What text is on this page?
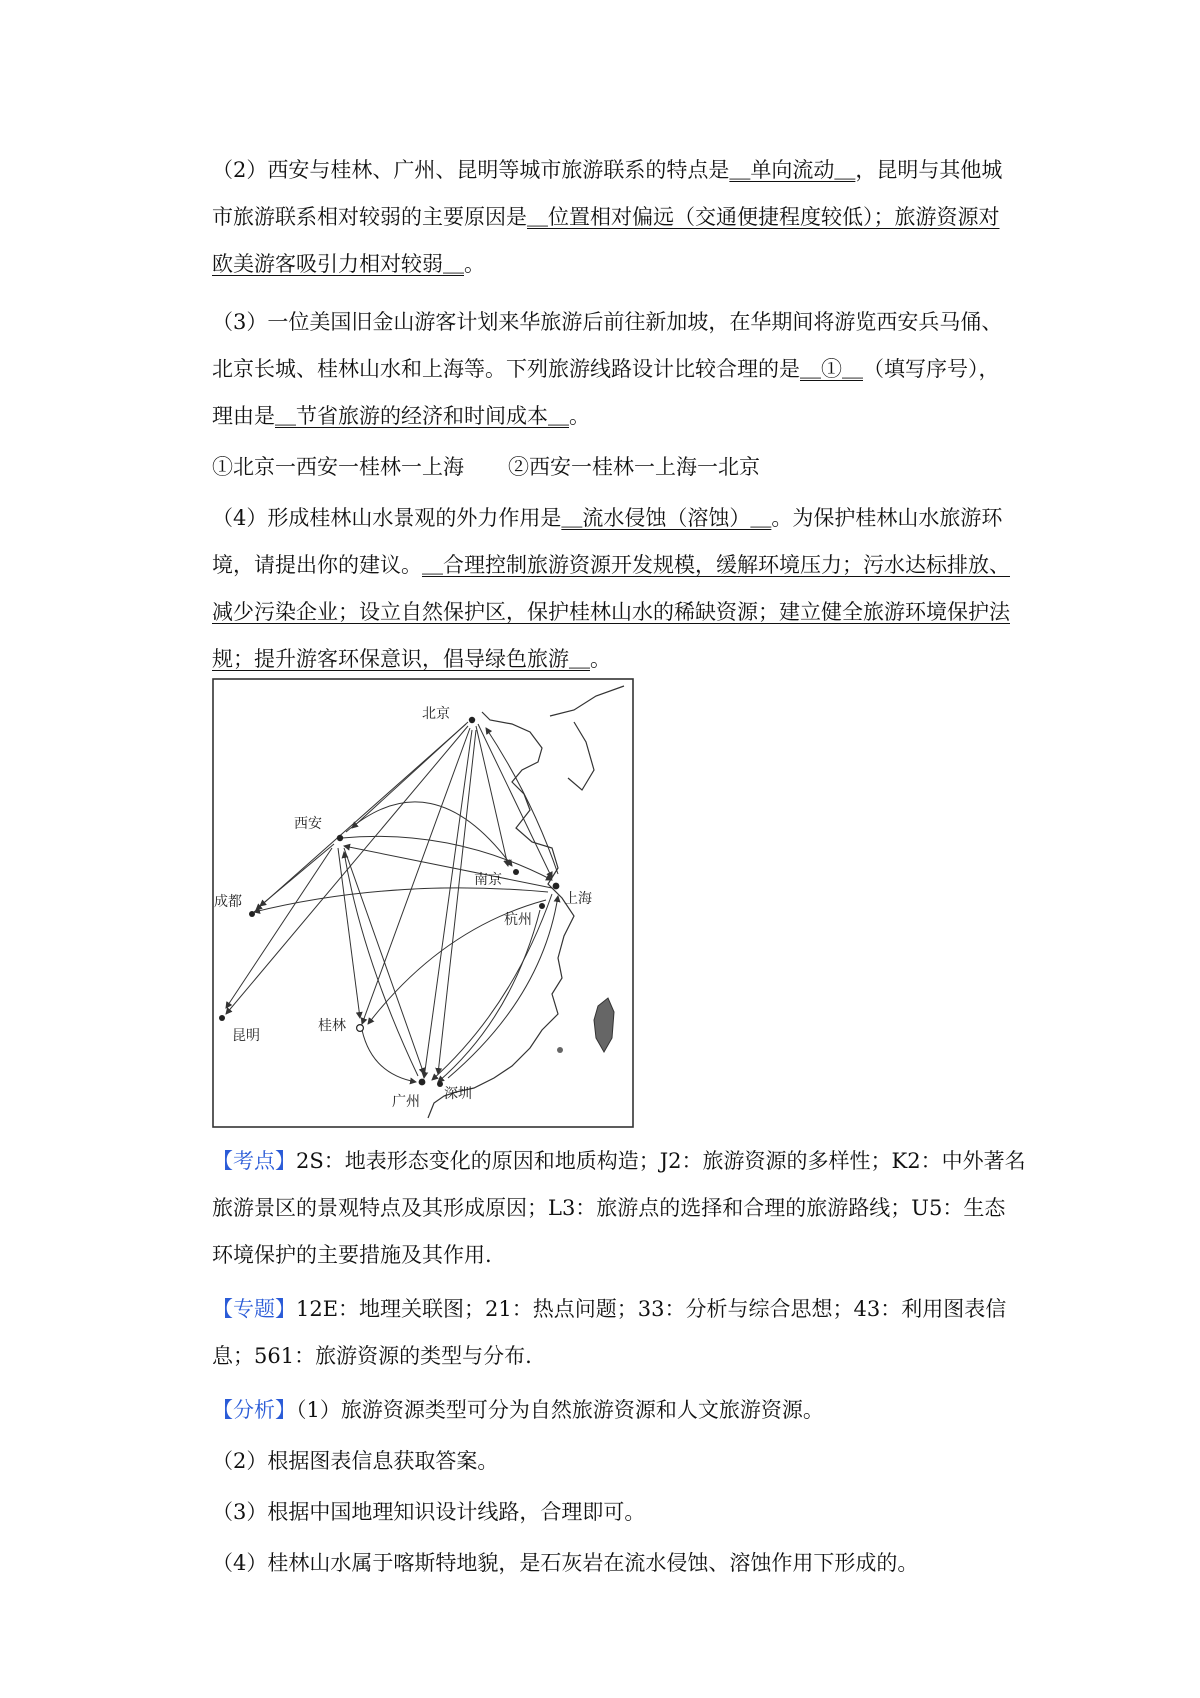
（2）西安与桂林、广州、昆明等城市旅游联系的特点是＿单向流动＿，昆明与其他城
市旅游联系相对较弱的主要原因是＿位置相对偏远（交通便捷程度较低）；旅游资源对
欧美游客吸引力相对较弱＿。
（3）一位美国旧金山游客计划来华旅游后前往新加坡，在华期间将游览西安兵马俑、
北京长城、桂林山水和上海等。下列旅游线路设计比较合理的是＿①＿（填写序号），
理由是＿节省旅游的经济和时间成本＿。
①北京一西安一桂林一上海 ②西安一桂林一上海一北京
（4）形成桂林山水景观的外力作用是＿流水侵蚀（溶蚀）＿。为保护桂林山水旅游环
境，请提出你的建议。＿合理控制旅游资源开发规模，缓解环境压力；污水达标排放、
减少污染企业；设立自然保护区，保护桂林山水的稀缺资源；建立健全旅游环境保护法
规；提升游客环保意识，倡导绿色旅游＿。
北京
西安
南京
上海
杭州
成都
昆明
桂林
广州 深圳
【考点】2S：地表形态变化的原因和地质构造；J2：旅游资源的多样性；K2：中外著名
旅游景区的景观特点及其形成原因；L3：旅游点的选择和合理的旅游路线；U5：生态
环境保护的主要措施及其作用.
【专题】12E：地理关联图；21：热点问题；33：分析与综合思想；43：利用图表信
息；561：旅游资源的类型与分布.
【分析】（1）旅游资源类型可分为自然旅游资源和人文旅游资源。
（2）根据图表信息获取答案。
（3）根据中国地理知识设计线路，合理即可。
（4）桂林山水属于喀斯特地貌，是石灰岩在流水侵蚀、溶蚀作用下形成的。
